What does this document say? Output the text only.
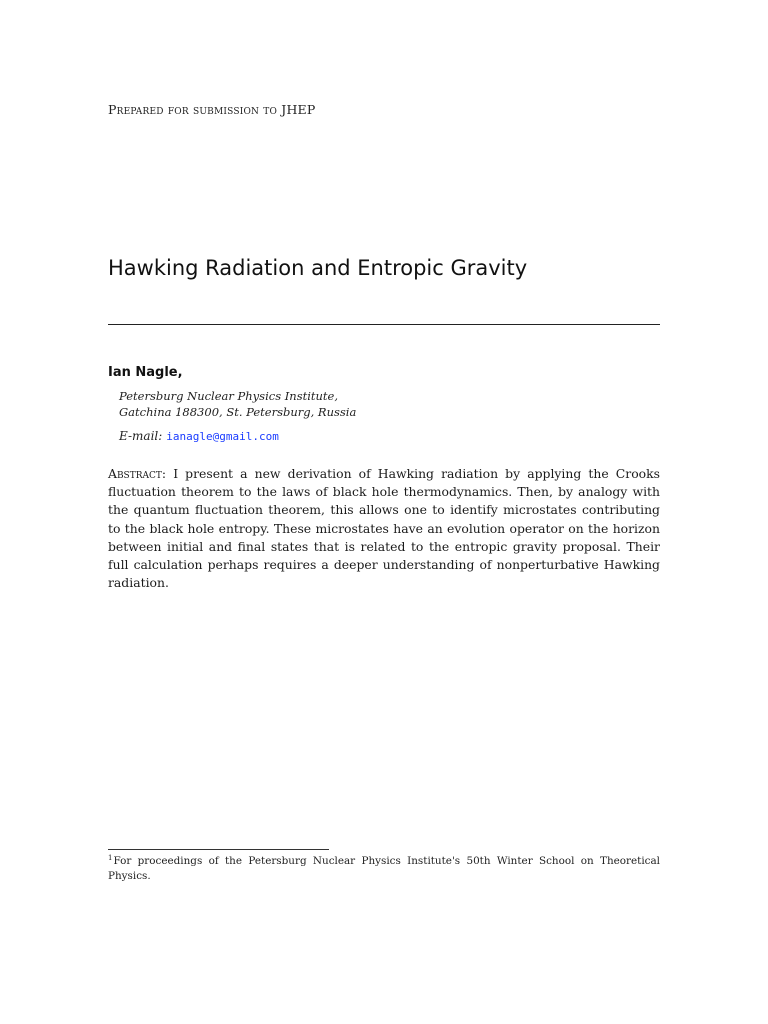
Prepared for submission to JHEP
Hawking Radiation and Entropic Gravity
Ian Nagle,
Petersburg Nuclear Physics Institute,
Gatchina 188300, St. Petersburg, Russia
E-mail: ianagle@gmail.com
Abstract: I present a new derivation of Hawking radiation by applying the Crooks fluctuation theorem to the laws of black hole thermodynamics. Then, by analogy with the quantum fluctuation theorem, this allows one to identify microstates contributing to the black hole entropy. These microstates have an evolution operator on the horizon between initial and final states that is related to the entropic gravity proposal. Their full calculation perhaps requires a deeper understanding of nonperturbative Hawking radiation.
$^1$For proceedings of the Petersburg Nuclear Physics Institute's 50th Winter School on Theoretical Physics.
